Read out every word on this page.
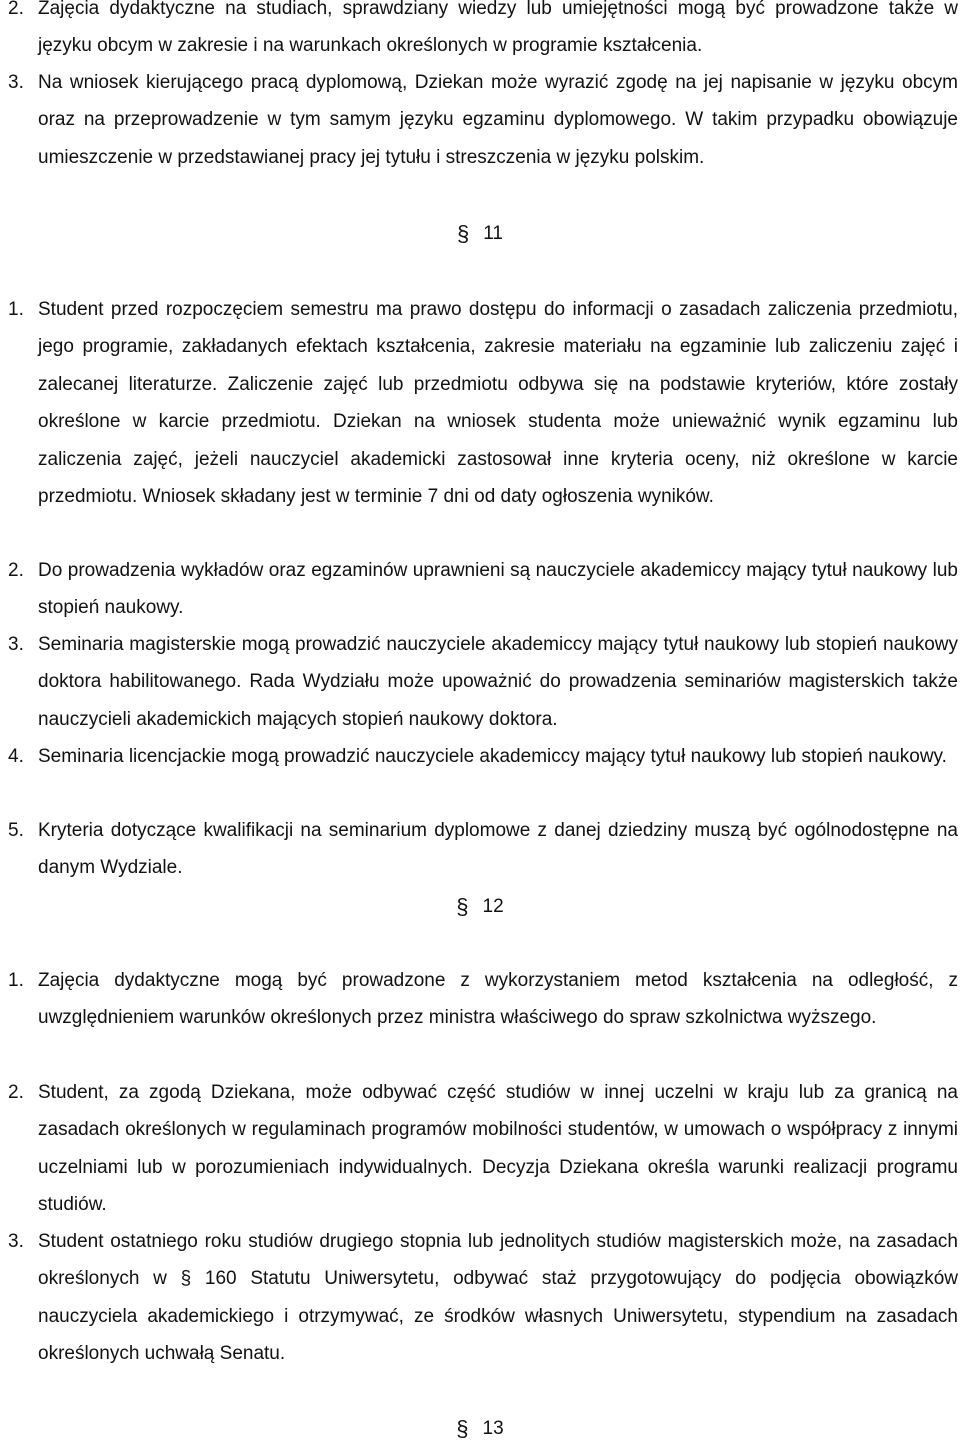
2. Zajęcia dydaktyczne na studiach, sprawdziany wiedzy lub umiejętności mogą być prowadzone także w języku obcym w zakresie i na warunkach określonych w programie kształcenia.
3. Na wniosek kierującego pracą dyplomową, Dziekan może wyrazić zgodę na jej napisanie w języku obcym oraz na przeprowadzenie w tym samym języku egzaminu dyplomowego. W takim przypadku obowiązuje umieszczenie w przedstawianej pracy jej tytułu i streszczenia w języku polskim.
§ 11
1. Student przed rozpoczęciem semestru ma prawo dostępu do informacji o zasadach zaliczenia przedmiotu, jego programie, zakładanych efektach kształcenia, zakresie materiału na egzaminie lub zaliczeniu zajęć i zalecanej literaturze. Zaliczenie zajęć lub przedmiotu odbywa się na podstawie kryteriów, które zostały określone w karcie przedmiotu. Dziekan na wniosek studenta może unieważnić wynik egzaminu lub zaliczenia zajęć, jeżeli nauczyciel akademicki zastosował inne kryteria oceny, niż określone w karcie przedmiotu. Wniosek składany jest w terminie 7 dni od daty ogłoszenia wyników.
2. Do prowadzenia wykładów oraz egzaminów uprawnieni są nauczyciele akademiccy mający tytuł naukowy lub stopień naukowy.
3. Seminaria magisterskie mogą prowadzić nauczyciele akademiccy mający tytuł naukowy lub stopień naukowy doktora habilitowanego. Rada Wydziału może upoważnić do prowadzenia seminariów magisterskich także nauczycieli akademickich mających stopień naukowy doktora.
4. Seminaria licencjackie mogą prowadzić nauczyciele akademiccy mający tytuł naukowy lub stopień naukowy.
5. Kryteria dotyczące kwalifikacji na seminarium dyplomowe z danej dziedziny muszą być ogólnodostępne na danym Wydziale.
§ 12
1. Zajęcia dydaktyczne mogą być prowadzone z wykorzystaniem metod kształcenia na odległość, z uwzględnieniem warunków określonych przez ministra właściwego do spraw szkolnictwa wyższego.
2. Student, za zgodą Dziekana, może odbywać część studiów w innej uczelni w kraju lub za granicą na zasadach określonych w regulaminach programów mobilności studentów, w umowach o współpracy z innymi uczelniami lub w porozumieniach indywidualnych. Decyzja Dziekana określa warunki realizacji programu studiów.
3. Student ostatniego roku studiów drugiego stopnia lub jednolitych studiów magisterskich może, na zasadach określonych w § 160 Statutu Uniwersytetu, odbywać staż przygotowujący do podjęcia obowiązków nauczyciela akademickiego i otrzymywać, ze środków własnych Uniwersytetu, stypendium na zasadach określonych uchwałą Senatu.
§ 13
